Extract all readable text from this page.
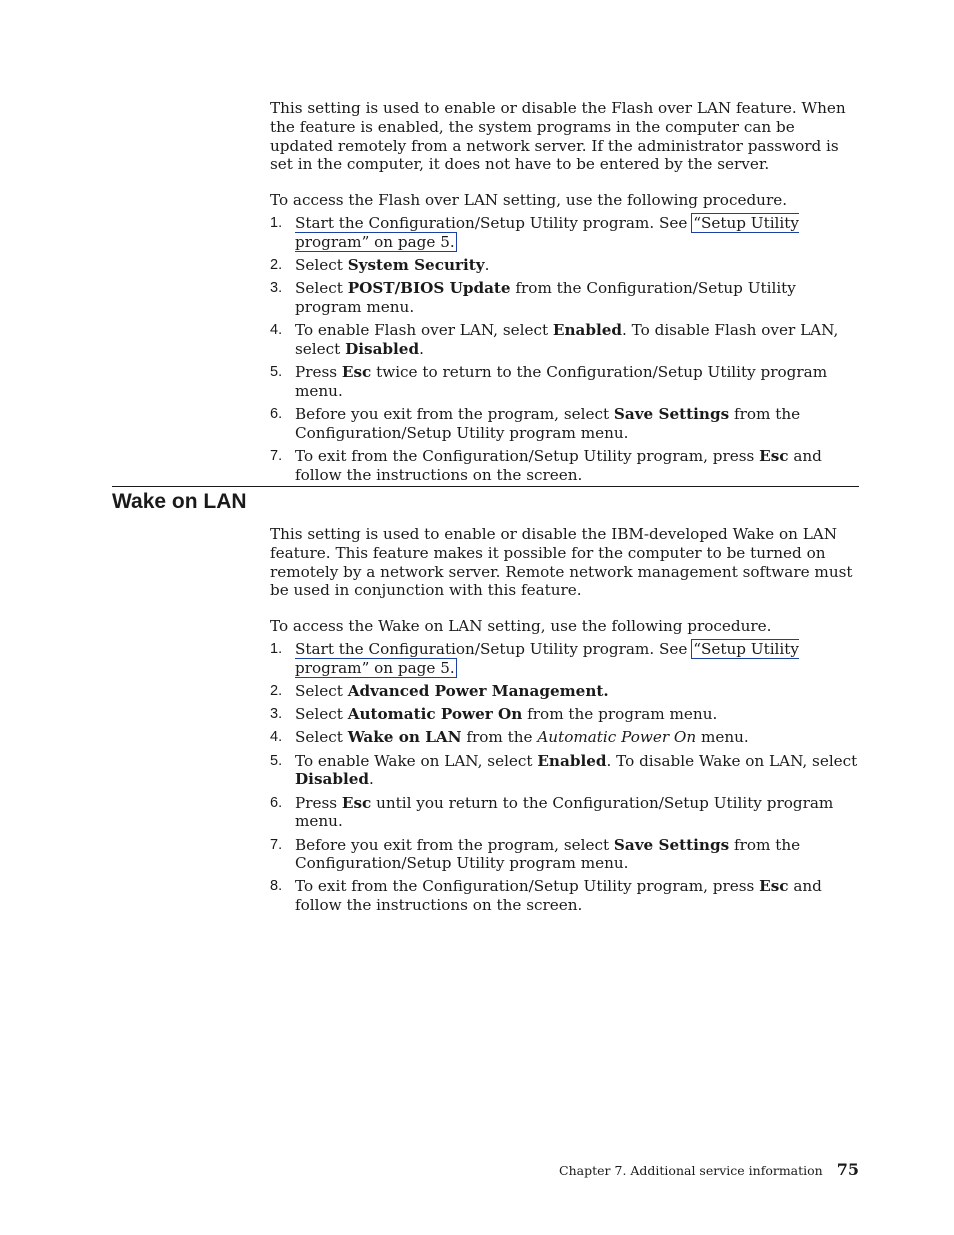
This setting is used to enable or disable the Flash over LAN feature. When the feature is enabled, the system programs in the computer can be updated remotely from a network server. If the administrator password is set in the computer, it does not have to be entered by the server.

To access the Flash over LAN setting, use the following procedure.

1. Start the Configuration/Setup Utility program. See “Setup Utility program” on page 5.
2. Select System Security.
3. Select POST/BIOS Update from the Configuration/Setup Utility program menu.
4. To enable Flash over LAN, select Enabled. To disable Flash over LAN, select Disabled.
5. Press Esc twice to return to the Configuration/Setup Utility program menu.
6. Before you exit from the program, select Save Settings from the Configuration/Setup Utility program menu.
7. To exit from the Configuration/Setup Utility program, press Esc and follow the instructions on the screen.
Wake on LAN

This setting is used to enable or disable the IBM-developed Wake on LAN feature. This feature makes it possible for the computer to be turned on remotely by a network server. Remote network management software must be used in conjunction with this feature.

To access the Wake on LAN setting, use the following procedure.

1. Start the Configuration/Setup Utility program. See “Setup Utility program” on page 5.
2. Select Advanced Power Management.
3. Select Automatic Power On from the program menu.
4. Select Wake on LAN from the Automatic Power On menu.
5. To enable Wake on LAN, select Enabled. To disable Wake on LAN, select Disabled.
6. Press Esc until you return to the Configuration/Setup Utility program menu.
7. Before you exit from the program, select Save Settings from the Configuration/Setup Utility program menu.
8. To exit from the Configuration/Setup Utility program, press Esc and follow the instructions on the screen.
Chapter 7. Additional service information 75
